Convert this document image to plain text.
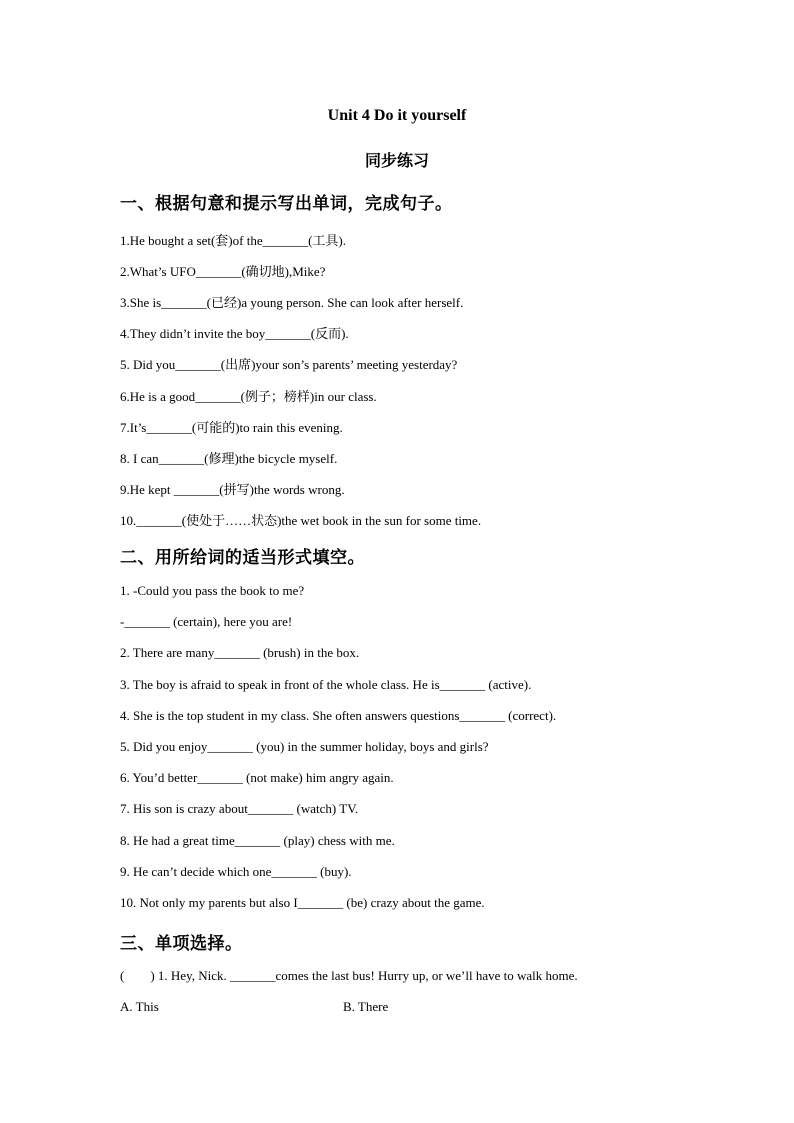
Unit 4 Do it yourself
同步练习
一、根据句意和提示写出单词，完成句子。
1.He bought a set(套)of the_______(工具).
2.What’s UFO_______(确切地),Mike?
3.She is_______(已经)a young person. She can look after herself.
4.They didn’t invite the boy_______(反而).
5. Did you_______(出席)your son’s parents’ meeting yesterday?
6.He is a good_______(例子；榜样)in our class.
7.It’s_______(可能的)to rain this evening.
8. I can_______(修理)the bicycle myself.
9.He kept _______(拼写)the words wrong.
10._______(使处于……状态)the wet book in the sun for some time.
二、用所给词的适当形式填空。
1. -Could you pass the book to me?
-_______ (certain), here you are!
2. There are many_______ (brush) in the box.
3. The boy is afraid to speak in front of the whole class. He is_______ (active).
4. She is the top student in my class. She often answers questions_______ (correct).
5. Did you enjoy_______ (you) in the summer holiday, boys and girls?
6. You’d better_______ (not make) him angry again.
7. His son is crazy about_______ (watch) TV.
8. He had a great time_______ (play) chess with me.
9. He can’t decide which one_______ (buy).
10. Not only my parents but also I_______ (be) crazy about the game.
三、单项选择。
(        ) 1. Hey, Nick. _______comes the last bus! Hurry up, or we’ll have to walk home.
A. This	B. There
